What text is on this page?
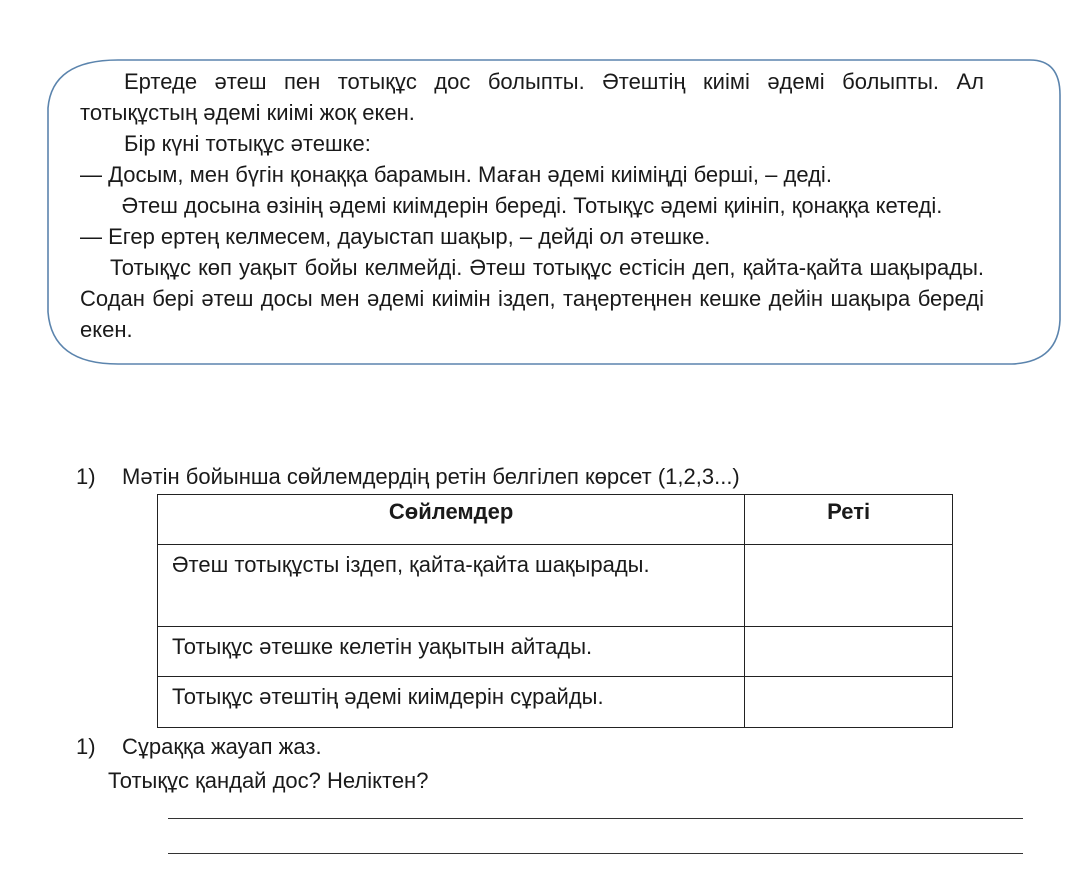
Ертеде әтеш пен тотықұс дос болыпты. Әтештің киімі әдемі болыпты. Ал тотықұстың әдемі киімі жоқ екен.

Бір күні тотықұс әтешке:

— Досым, мен бүгін қонаққа барамын. Маған әдемі киіміңді берші, – деді.

Әтеш досына өзінің әдемі киімдерін береді. Тотықұс әдемі қиініп, қонаққа кетеді.

— Егер ертең келмесем, дауыстап шақыр, – дейді ол әтешке.

Тотықұс көп уақыт бойы келмейді. Әтеш тотықұс естісін деп, қайта-қайта шақырады. Содан бері әтеш досы мен әдемі киімін іздеп, таңертеңнен кешке дейін шақыра береді екен.

1) Мәтін бойынша сөйлемдердің ретін белгілеп көрсет (1,2,3...)
Сөйлемдер	Реті
Әтеш тотықұсты іздеп, қайта-қайта шақырады.	
Тотықұс әтешке келетін уақытын айтады.	
Тотықұс әтештің әдемі киімдерін сұрайды.	
1) Сұраққа жауап жаз.
Тотықұс қандай дос? Неліктен?
